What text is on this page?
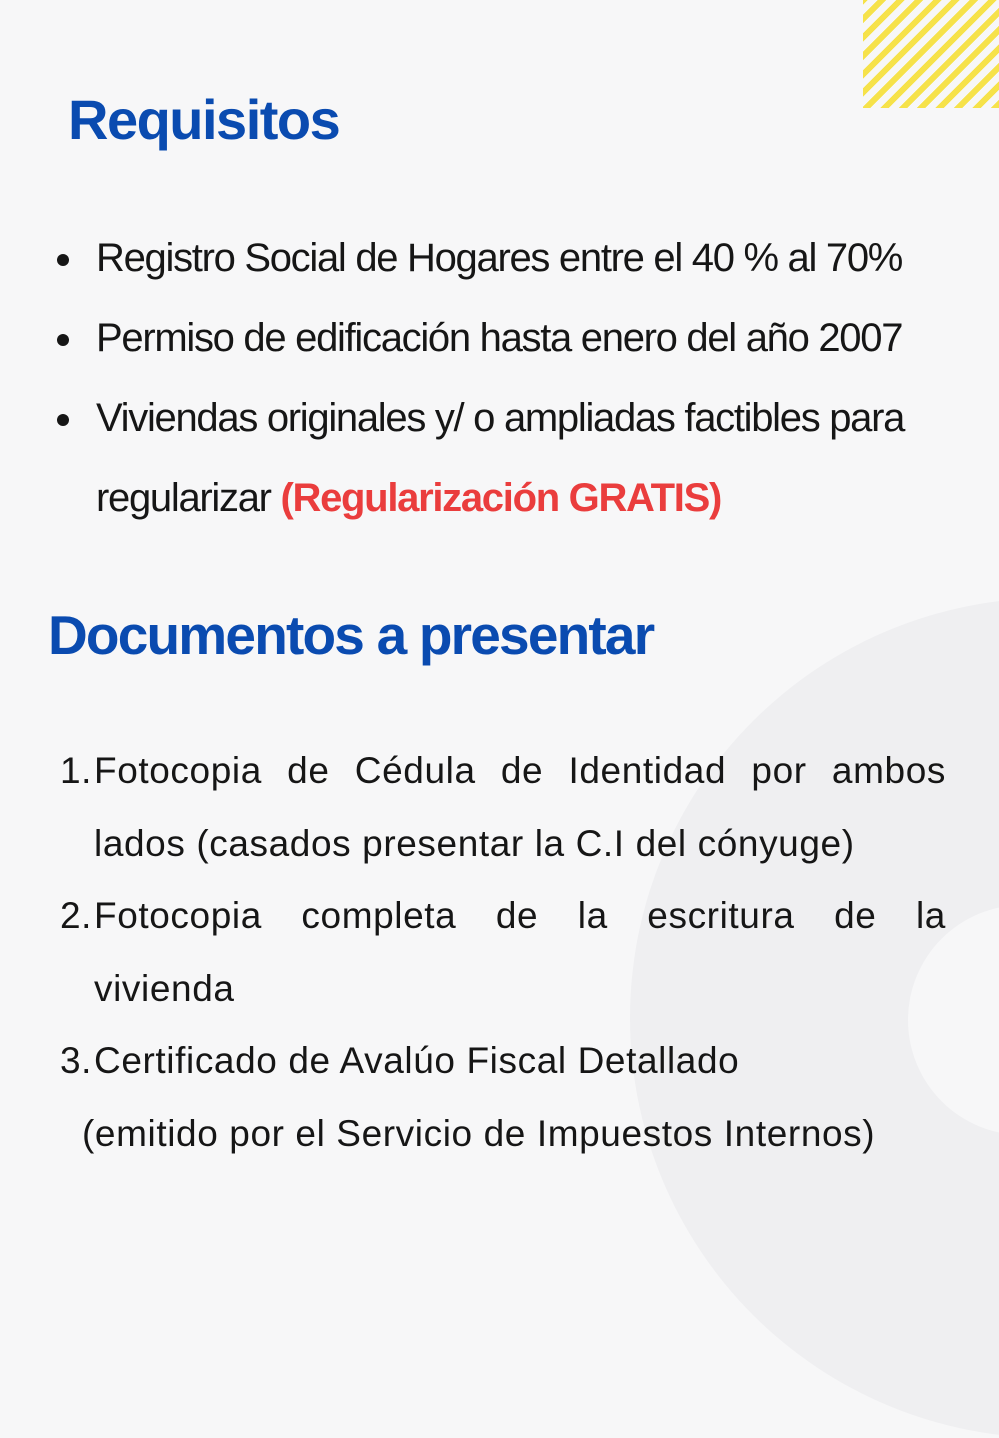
Requisitos
Registro Social de Hogares entre el 40 % al 70%
Permiso de edificación hasta enero del año 2007
Viviendas originales y/ o ampliadas factibles para
regularizar (Regularización GRATIS)
Documentos a presentar
1. Fotocopia de Cédula de Identidad por ambos
lados (casados presentar la C.I del cónyuge)
2. Fotocopia completa de la escritura de la
vivienda
3. Certificado de Avalúo Fiscal Detallado
(emitido por el Servicio de Impuestos Internos)
